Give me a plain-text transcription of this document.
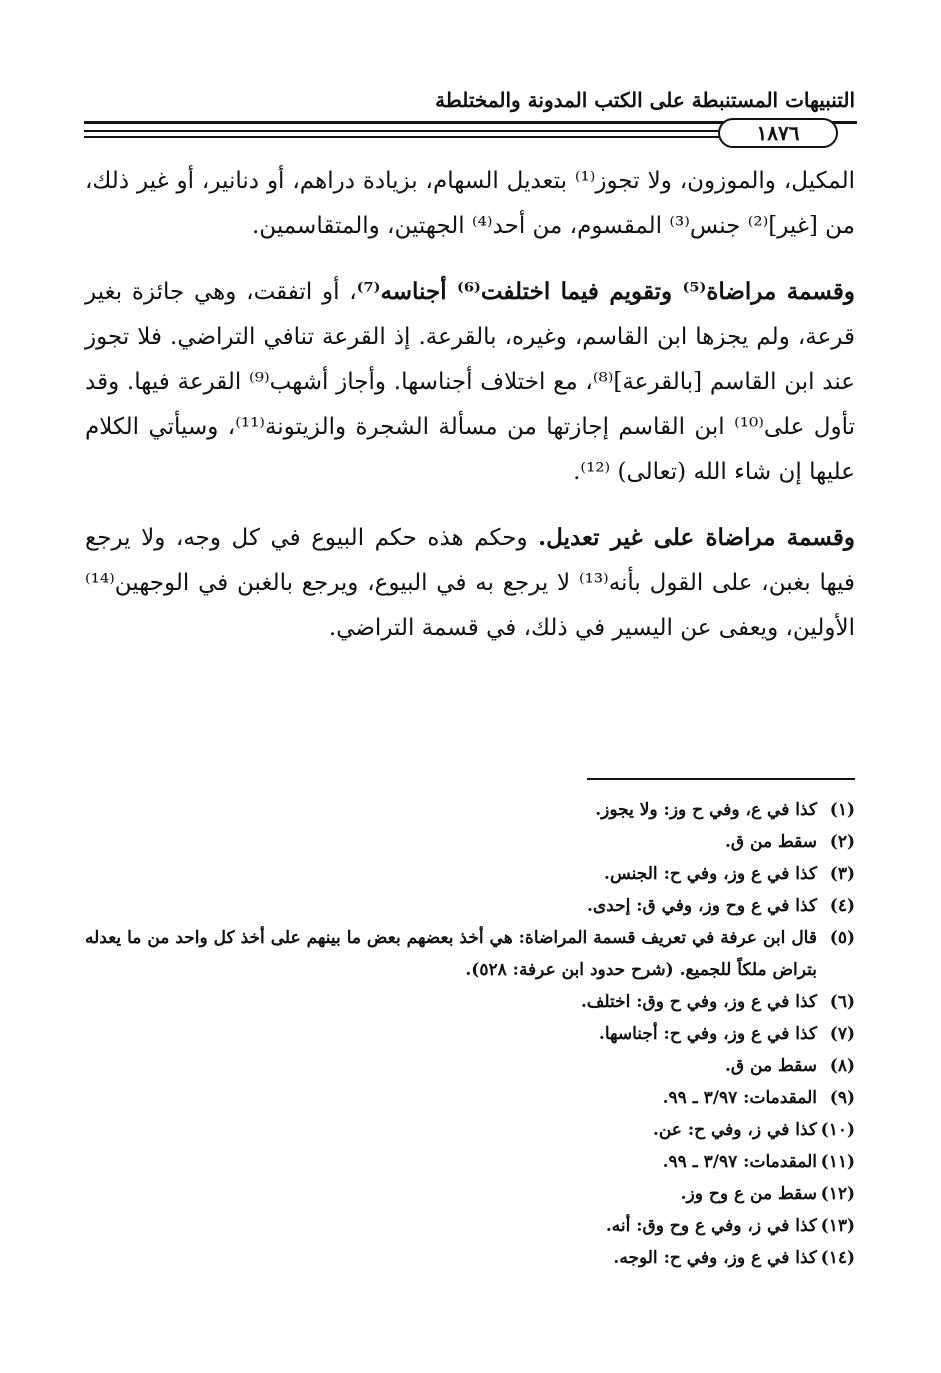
التنبيهات المستنبطة على الكتب المدونة والمختلطة
١٨٧٦

المكيل، والموزون، ولا تجوز⁽¹⁾ بتعديل السهام، بزيادة دراهم، أو دنانير، أو غير ذلك، من [غير]⁽²⁾ جنس⁽³⁾ المقسوم، من أحد⁽⁴⁾ الجهتين، والمتقاسمين.

وقسمة مراضاة⁽⁵⁾ وتقويم فيما اختلفت⁽⁶⁾ أجناسه⁽⁷⁾، أو اتفقت، وهي جائزة بغير قرعة، ولم يجزها ابن القاسم، وغيره، بالقرعة. إذ القرعة تنافي التراضي. فلا تجوز عند ابن القاسم [بالقرعة]⁽⁸⁾، مع اختلاف أجناسها. وأجاز أشهب⁽⁹⁾ القرعة فيها. وقد تأول على⁽¹⁰⁾ ابن القاسم إجازتها من مسألة الشجرة والزيتونة⁽¹¹⁾، وسيأتي الكلام عليها إن شاء الله (تعالى) ⁽¹²⁾.

وقسمة مراضاة على غير تعديل. وحكم هذه حكم البيوع في كل وجه، ولا يرجع فيها بغبن، على القول بأنه⁽¹³⁾ لا يرجع به في البيوع، ويرجع بالغبن في الوجهين⁽¹⁴⁾ الأولين، ويعفى عن اليسير في ذلك، في قسمة التراضي.

(١)
كذا في ع، وفي ح وز: ولا يجوز.
(٢)
سقط من ق.
(٣)
كذا في ع وز، وفي ح: الجنس.
(٤)
كذا في ع وح وز، وفي ق: إحدى.
(٥)
قال ابن عرفة في تعريف قسمة المراضاة: هي أخذ بعضهم بعض ما بينهم على أخذ كل واحد من ما يعدله بتراض ملكاً للجميع. (شرح حدود ابن عرفة: ٥٢٨).
(٦)
كذا في ع وز، وفي ح وق: اختلف.
(٧)
كذا في ع وز، وفي ح: أجناسها.
(٨)
سقط من ق.
(٩)
المقدمات: ٣/٩٧ ـ ٩٩.
(١٠)
كذا في ز، وفي ح: عن.
(١١)
المقدمات: ٣/٩٧ ـ ٩٩.
(١٢)
سقط من ع وح وز.
(١٣)
كذا في ز، وفي ع وح وق: أنه.
(١٤)
كذا في ع وز، وفي ح: الوجه.
